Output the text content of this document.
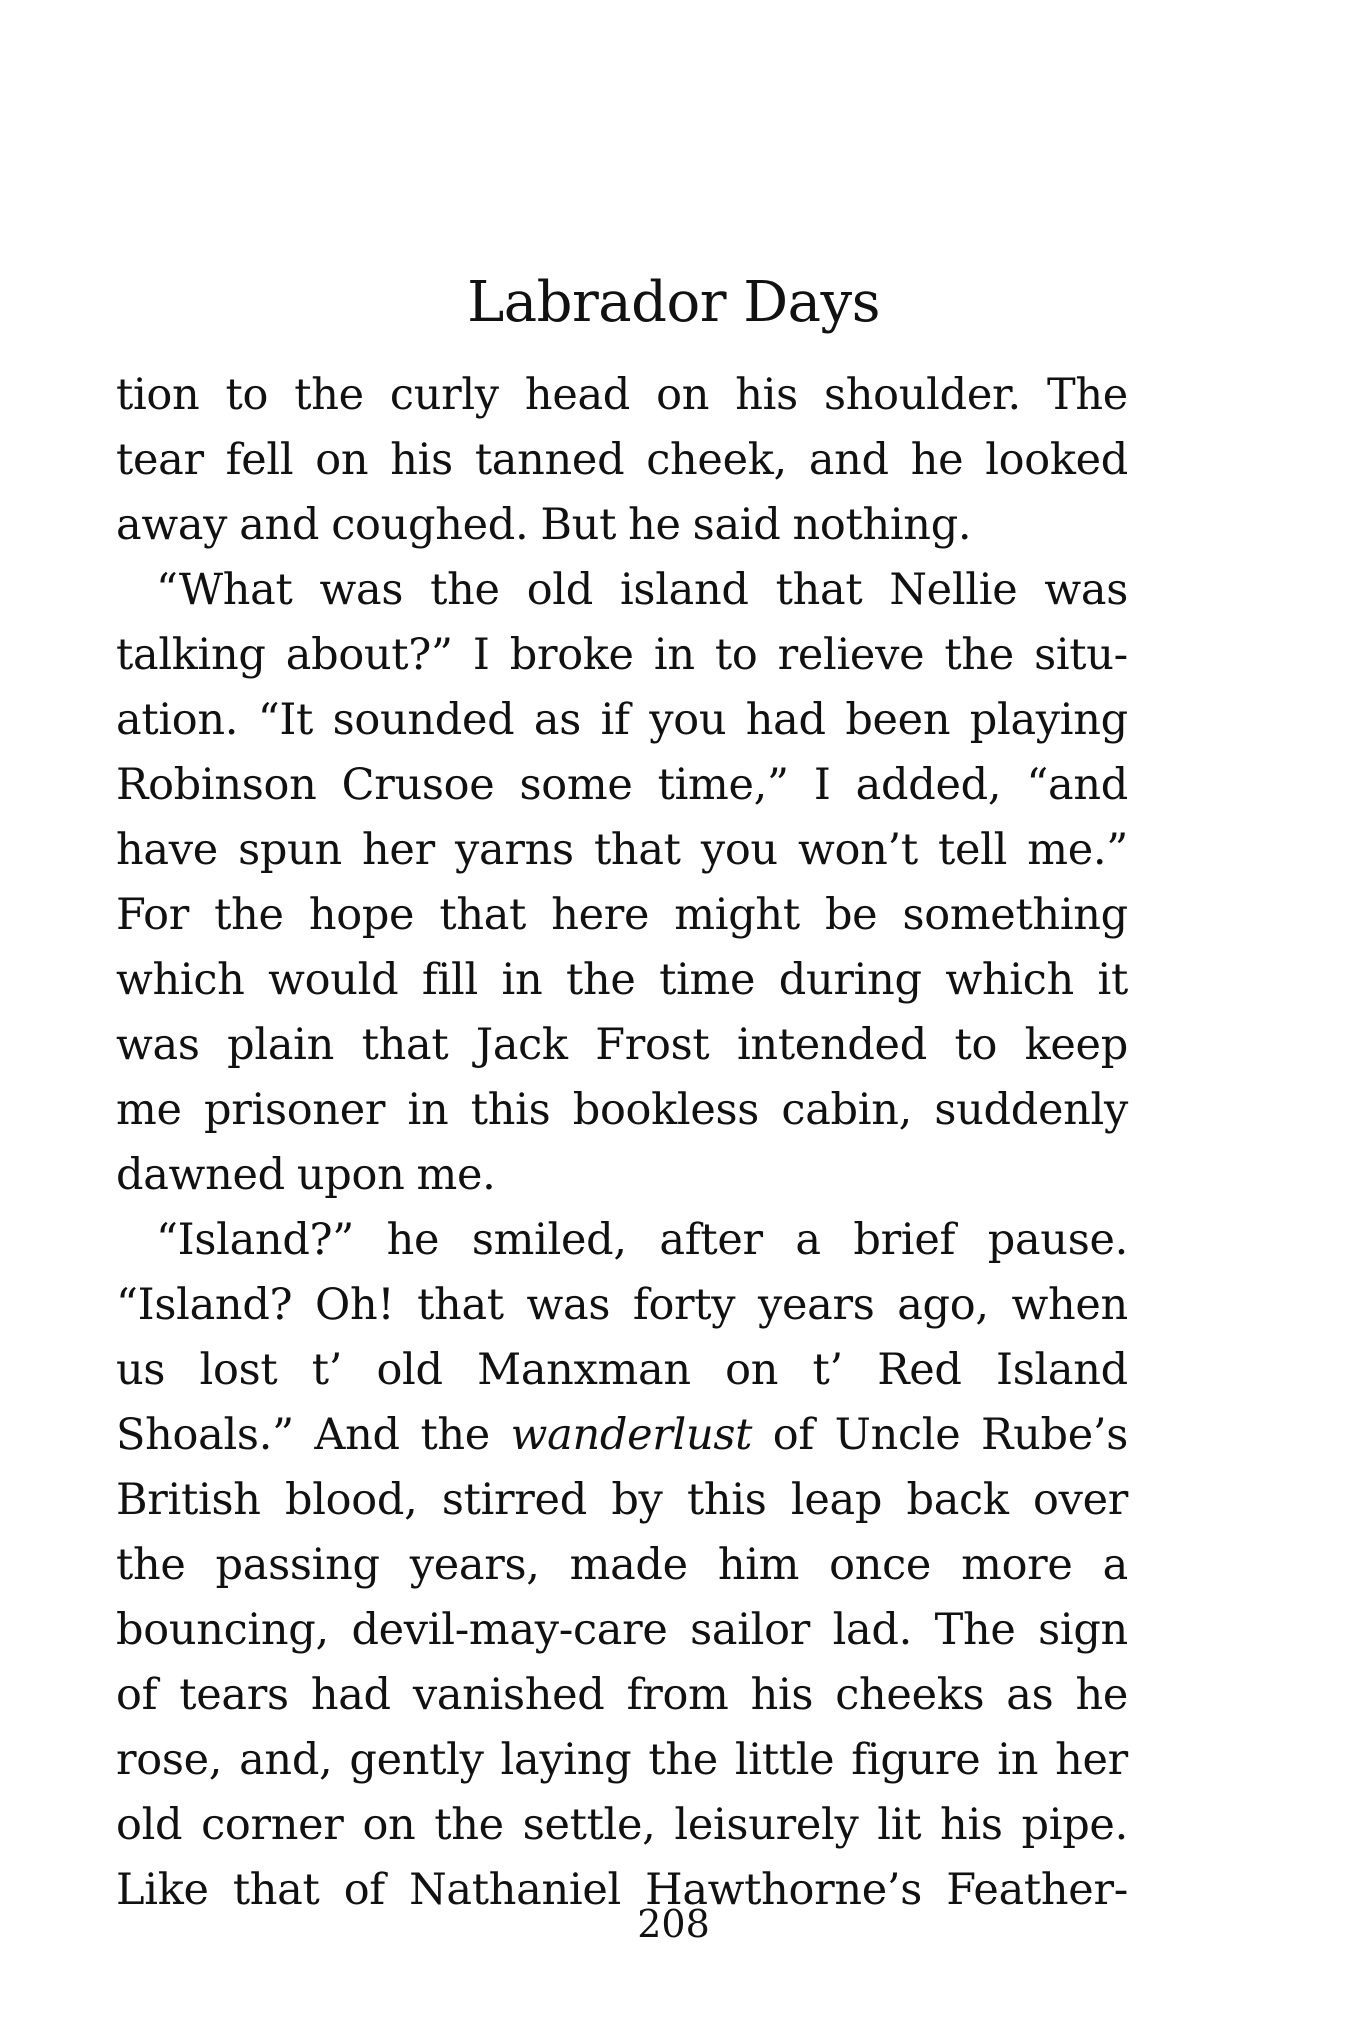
Labrador Days
tion to the curly head on his shoulder. The
tear fell on his tanned cheek, and he looked
away and coughed. But he said nothing.
“What was the old island that Nellie was
talking about?” I broke in to relieve the situ-
ation. “It sounded as if you had been playing
Robinson Crusoe some time,” I added, “and
have spun her yarns that you won’t tell me.”
For the hope that here might be something
which would fill in the time during which it
was plain that Jack Frost intended to keep
me prisoner in this bookless cabin, suddenly
dawned upon me.
“Island?” he smiled, after a brief pause.
“Island? Oh! that was forty years ago, when
us lost t’ old Manxman on t’ Red Island
Shoals.” And the wanderlust of Uncle Rube’s
British blood, stirred by this leap back over
the passing years, made him once more a
bouncing, devil-may-care sailor lad. The sign
of tears had vanished from his cheeks as he
rose, and, gently laying the little figure in her
old corner on the settle, leisurely lit his pipe.
Like that of Nathaniel Hawthorne’s Feather-
208
